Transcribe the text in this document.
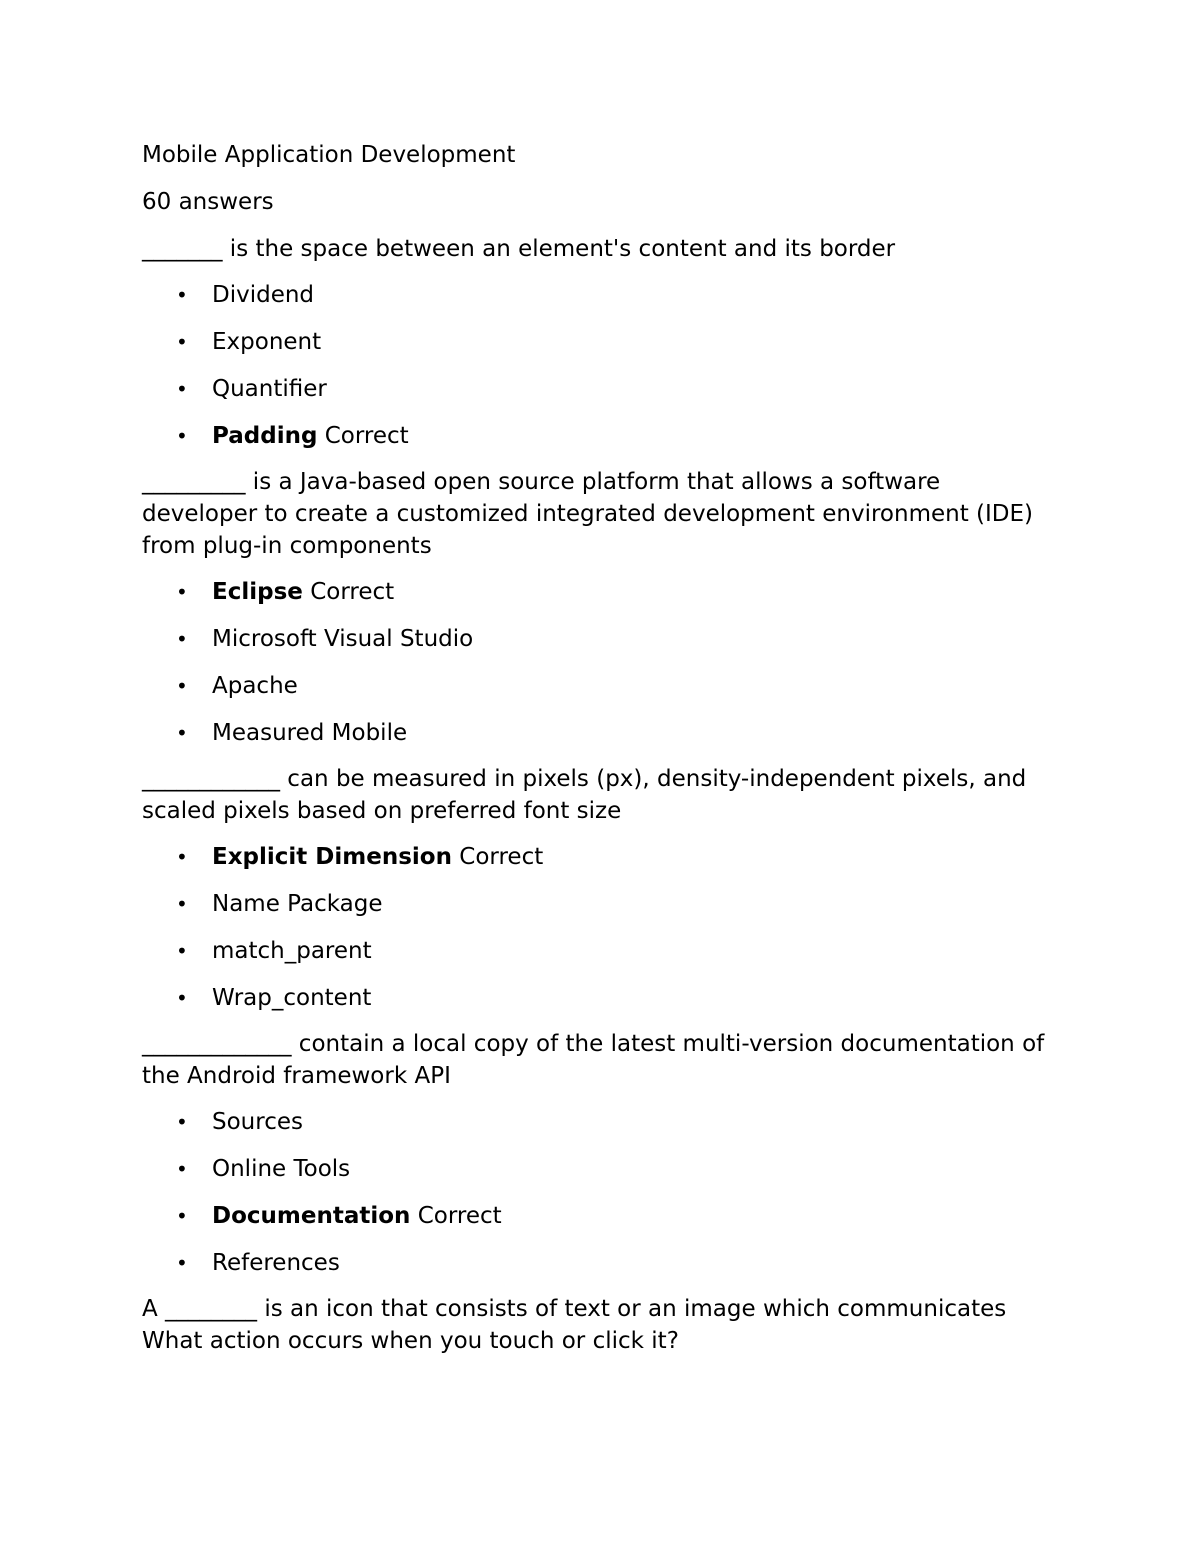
Mobile Application Development

60 answers

_______ is the space between an element's content and its border

• Dividend
• Exponent
• Quantifier
• Padding Correct

_________ is a Java-based open source platform that allows a software developer to create a customized integrated development environment (IDE) from plug-in components

• Eclipse Correct
• Microsoft Visual Studio
• Apache
• Measured Mobile

____________ can be measured in pixels (px), density-independent pixels, and scaled pixels based on preferred font size

• Explicit Dimension Correct
• Name Package
• match_parent
• Wrap_content

_____________ contain a local copy of the latest multi-version documentation of the Android framework API

• Sources
• Online Tools
• Documentation Correct
• References

A ________ is an icon that consists of text or an image which communicates What action occurs when you touch or click it?
